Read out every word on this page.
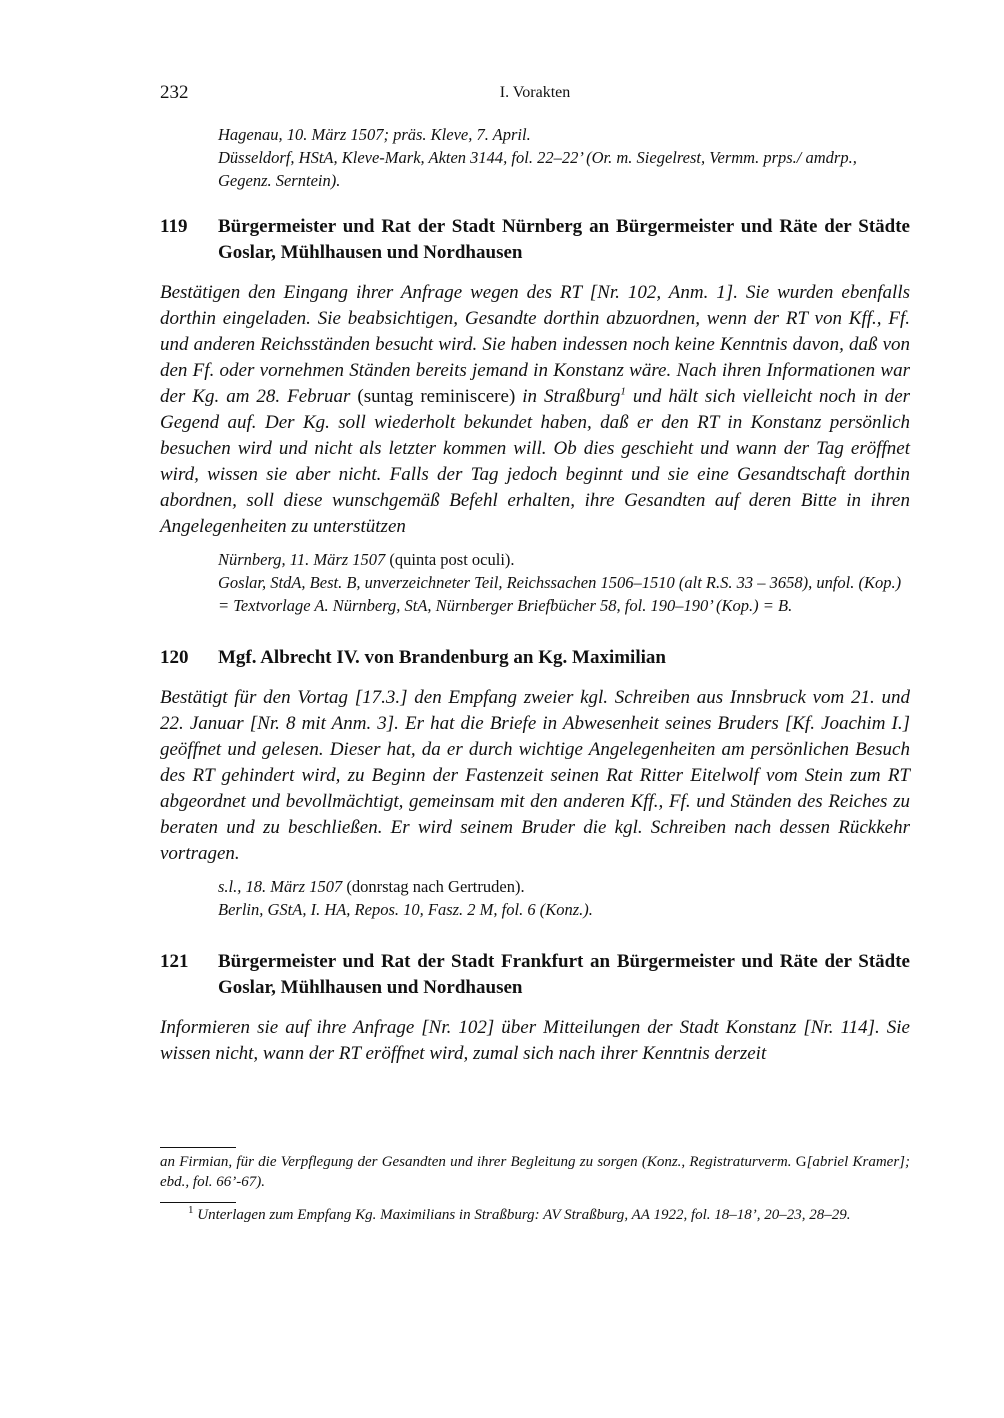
232	I. Vorakten
Hagenau, 10. März 1507; präs. Kleve, 7. April.
Düsseldorf, HStA, Kleve-Mark, Akten 3144, fol. 22–22’ (Or. m. Siegelrest, Vermm. prps./ amdrp., Gegenz. Serntein).
119 Bürgermeister und Rat der Stadt Nürnberg an Bürgermeister und Räte der Städte Goslar, Mühlhausen und Nordhausen
Bestätigen den Eingang ihrer Anfrage wegen des RT [Nr. 102, Anm. 1]. Sie wurden ebenfalls dorthin eingeladen. Sie beabsichtigen, Gesandte dorthin abzuordnen, wenn der RT von Kff., Ff. und anderen Reichsständen besucht wird. Sie haben indessen noch keine Kenntnis davon, daß von den Ff. oder vornehmen Ständen bereits jemand in Konstanz wäre. Nach ihren Informationen war der Kg. am 28. Februar (suntag reminiscere) in Straßburg$^1$ und hält sich vielleicht noch in der Gegend auf. Der Kg. soll wiederholt bekundet haben, daß er den RT in Konstanz persönlich besuchen wird und nicht als letzter kommen will. Ob dies geschieht und wann der Tag eröffnet wird, wissen sie aber nicht. Falls der Tag jedoch beginnt und sie eine Gesandtschaft dorthin abordnen, soll diese wunschgemäß Befehl erhalten, ihre Gesandten auf deren Bitte in ihren Angelegenheiten zu unterstützen
Nürnberg, 11. März 1507 (quinta post oculi).
Goslar, StdA, Best. B, unverzeichneter Teil, Reichssachen 1506–1510 (alt R.S. 33 – 3658), unfol. (Kop.) = Textvorlage A. Nürnberg, StA, Nürnberger Briefbücher 58, fol. 190–190’ (Kop.) = B.
120 Mgf. Albrecht IV. von Brandenburg an Kg. Maximilian
Bestätigt für den Vortag [17.3.] den Empfang zweier kgl. Schreiben aus Innsbruck vom 21. und 22. Januar [Nr. 8 mit Anm. 3]. Er hat die Briefe in Abwesenheit seines Bruders [Kf. Joachim I.] geöffnet und gelesen. Dieser hat, da er durch wichtige Angelegenheiten am persönlichen Besuch des RT gehindert wird, zu Beginn der Fastenzeit seinen Rat Ritter Eitelwolf vom Stein zum RT abgeordnet und bevollmächtigt, gemeinsam mit den anderen Kff., Ff. und Ständen des Reiches zu beraten und zu beschließen. Er wird seinem Bruder die kgl. Schreiben nach dessen Rückkehr vortragen.
s.l., 18. März 1507 (donrstag nach Gertruden).
Berlin, GStA, I. HA, Repos. 10, Fasz. 2 M, fol. 6 (Konz.).
121 Bürgermeister und Rat der Stadt Frankfurt an Bürgermeister und Räte der Städte Goslar, Mühlhausen und Nordhausen
Informieren sie auf ihre Anfrage [Nr. 102] über Mitteilungen der Stadt Konstanz [Nr. 114]. Sie wissen nicht, wann der RT eröffnet wird, zumal sich nach ihrer Kenntnis derzeit
an Firmian, für die Verpflegung der Gesandten und ihrer Begleitung zu sorgen (Konz., Registraturverm. G[abriel Kramer]; ebd., fol. 66’-67).
$^1$ Unterlagen zum Empfang Kg. Maximilians in Straßburg: AV Straßburg, AA 1922, fol. 18–18’, 20–23, 28–29.
